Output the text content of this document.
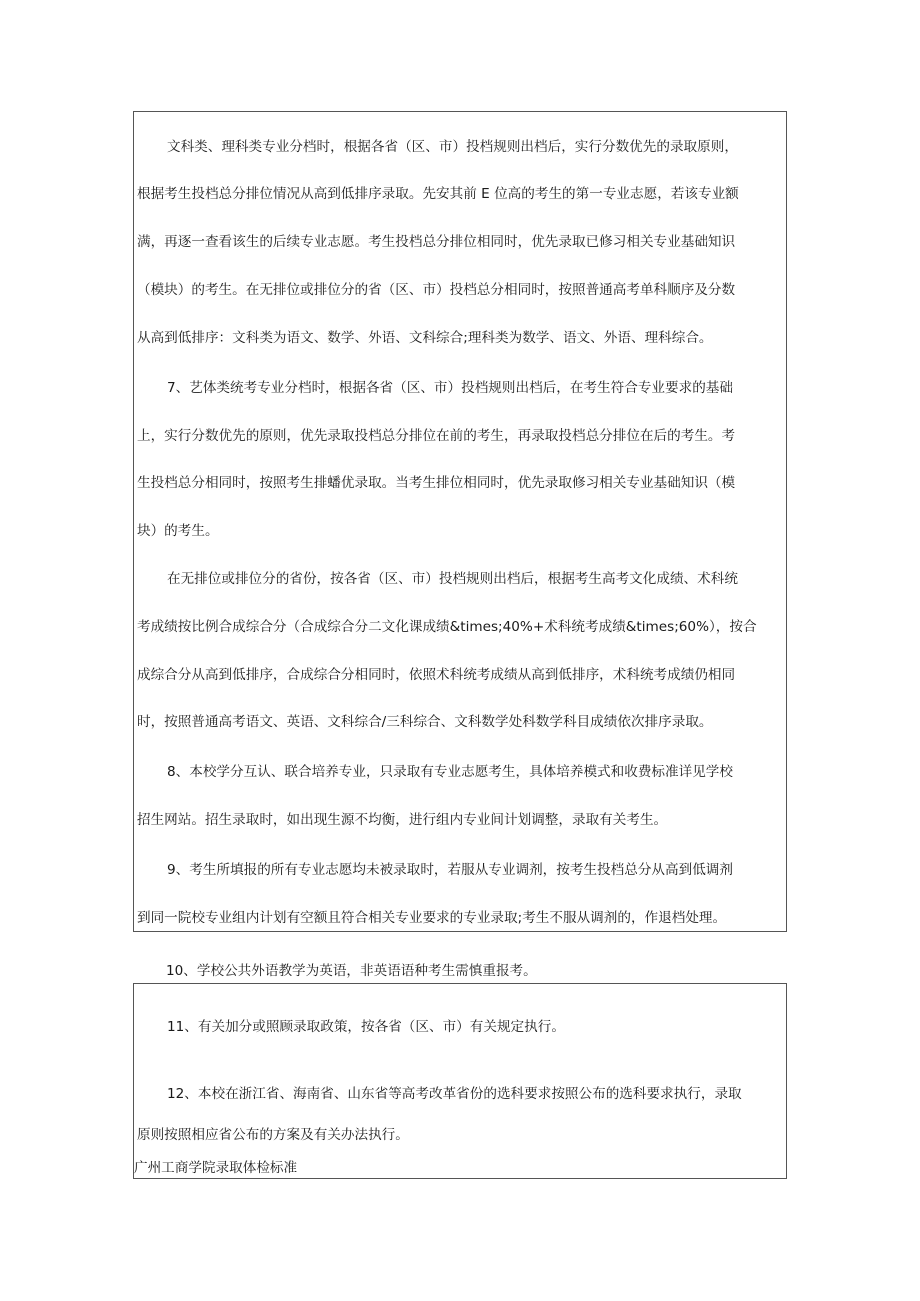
文科类、理科类专业分档时，根据各省（区、市）投档规则出档后，实行分数优先的录取原则，
根据考生投档总分排位情况从高到低排序录取。先安其前 E 位高的考生的第一专业志愿，若该专业额
满，再逐一查看该生的后续专业志愿。考生投档总分排位相同时，优先录取已修习相关专业基础知识
（模块）的考生。在无排位或排位分的省（区、市）投档总分相同时，按照普通高考单科顺序及分数
从高到低排序：文科类为语文、数学、外语、文科综合;理科类为数学、语文、外语、理科综合。
7、艺体类统考专业分档时，根据各省（区、市）投档规则出档后，在考生符合专业要求的基础
上，实行分数优先的原则，优先录取投档总分排位在前的考生，再录取投档总分排位在后的考生。考
生投档总分相同时，按照考生排蟠优录取。当考生排位相同时，优先录取修习相关专业基础知识（模
块）的考生。
在无排位或排位分的省份，按各省（区、市）投档规则出档后，根据考生高考文化成绩、术科统
考成绩按比例合成综合分（合成综合分二文化课成绩&times;40%+术科统考成绩&times;60%），按合
成综合分从高到低排序，合成综合分相同时，依照术科统考成绩从高到低排序，术科统考成绩仍相同
时，按照普通高考语文、英语、文科综合/三科综合、文科数学处科数学科目成绩依次排序录取。
8、本校学分互认、联合培养专业，只录取有专业志愿考生，具体培养模式和收费标准详见学校
招生网站。招生录取时，如出现生源不均衡，进行组内专业间计划调整，录取有关考生。
9、考生所填报的所有专业志愿均未被录取时，若服从专业调剂，按考生投档总分从高到低调剂
到同一院校专业组内计划有空额且符合相关专业要求的专业录取;考生不服从调剂的，作退档处理。
10、学校公共外语教学为英语，非英语语种考生需慎重报考。
11、有关加分或照顾录取政策，按各省（区、市）有关规定执行。
12、本校在浙江省、海南省、山东省等高考改革省份的选科要求按照公布的选科要求执行，录取
原则按照相应省公布的方案及有关办法执行。
广州工商学院录取体检标准
